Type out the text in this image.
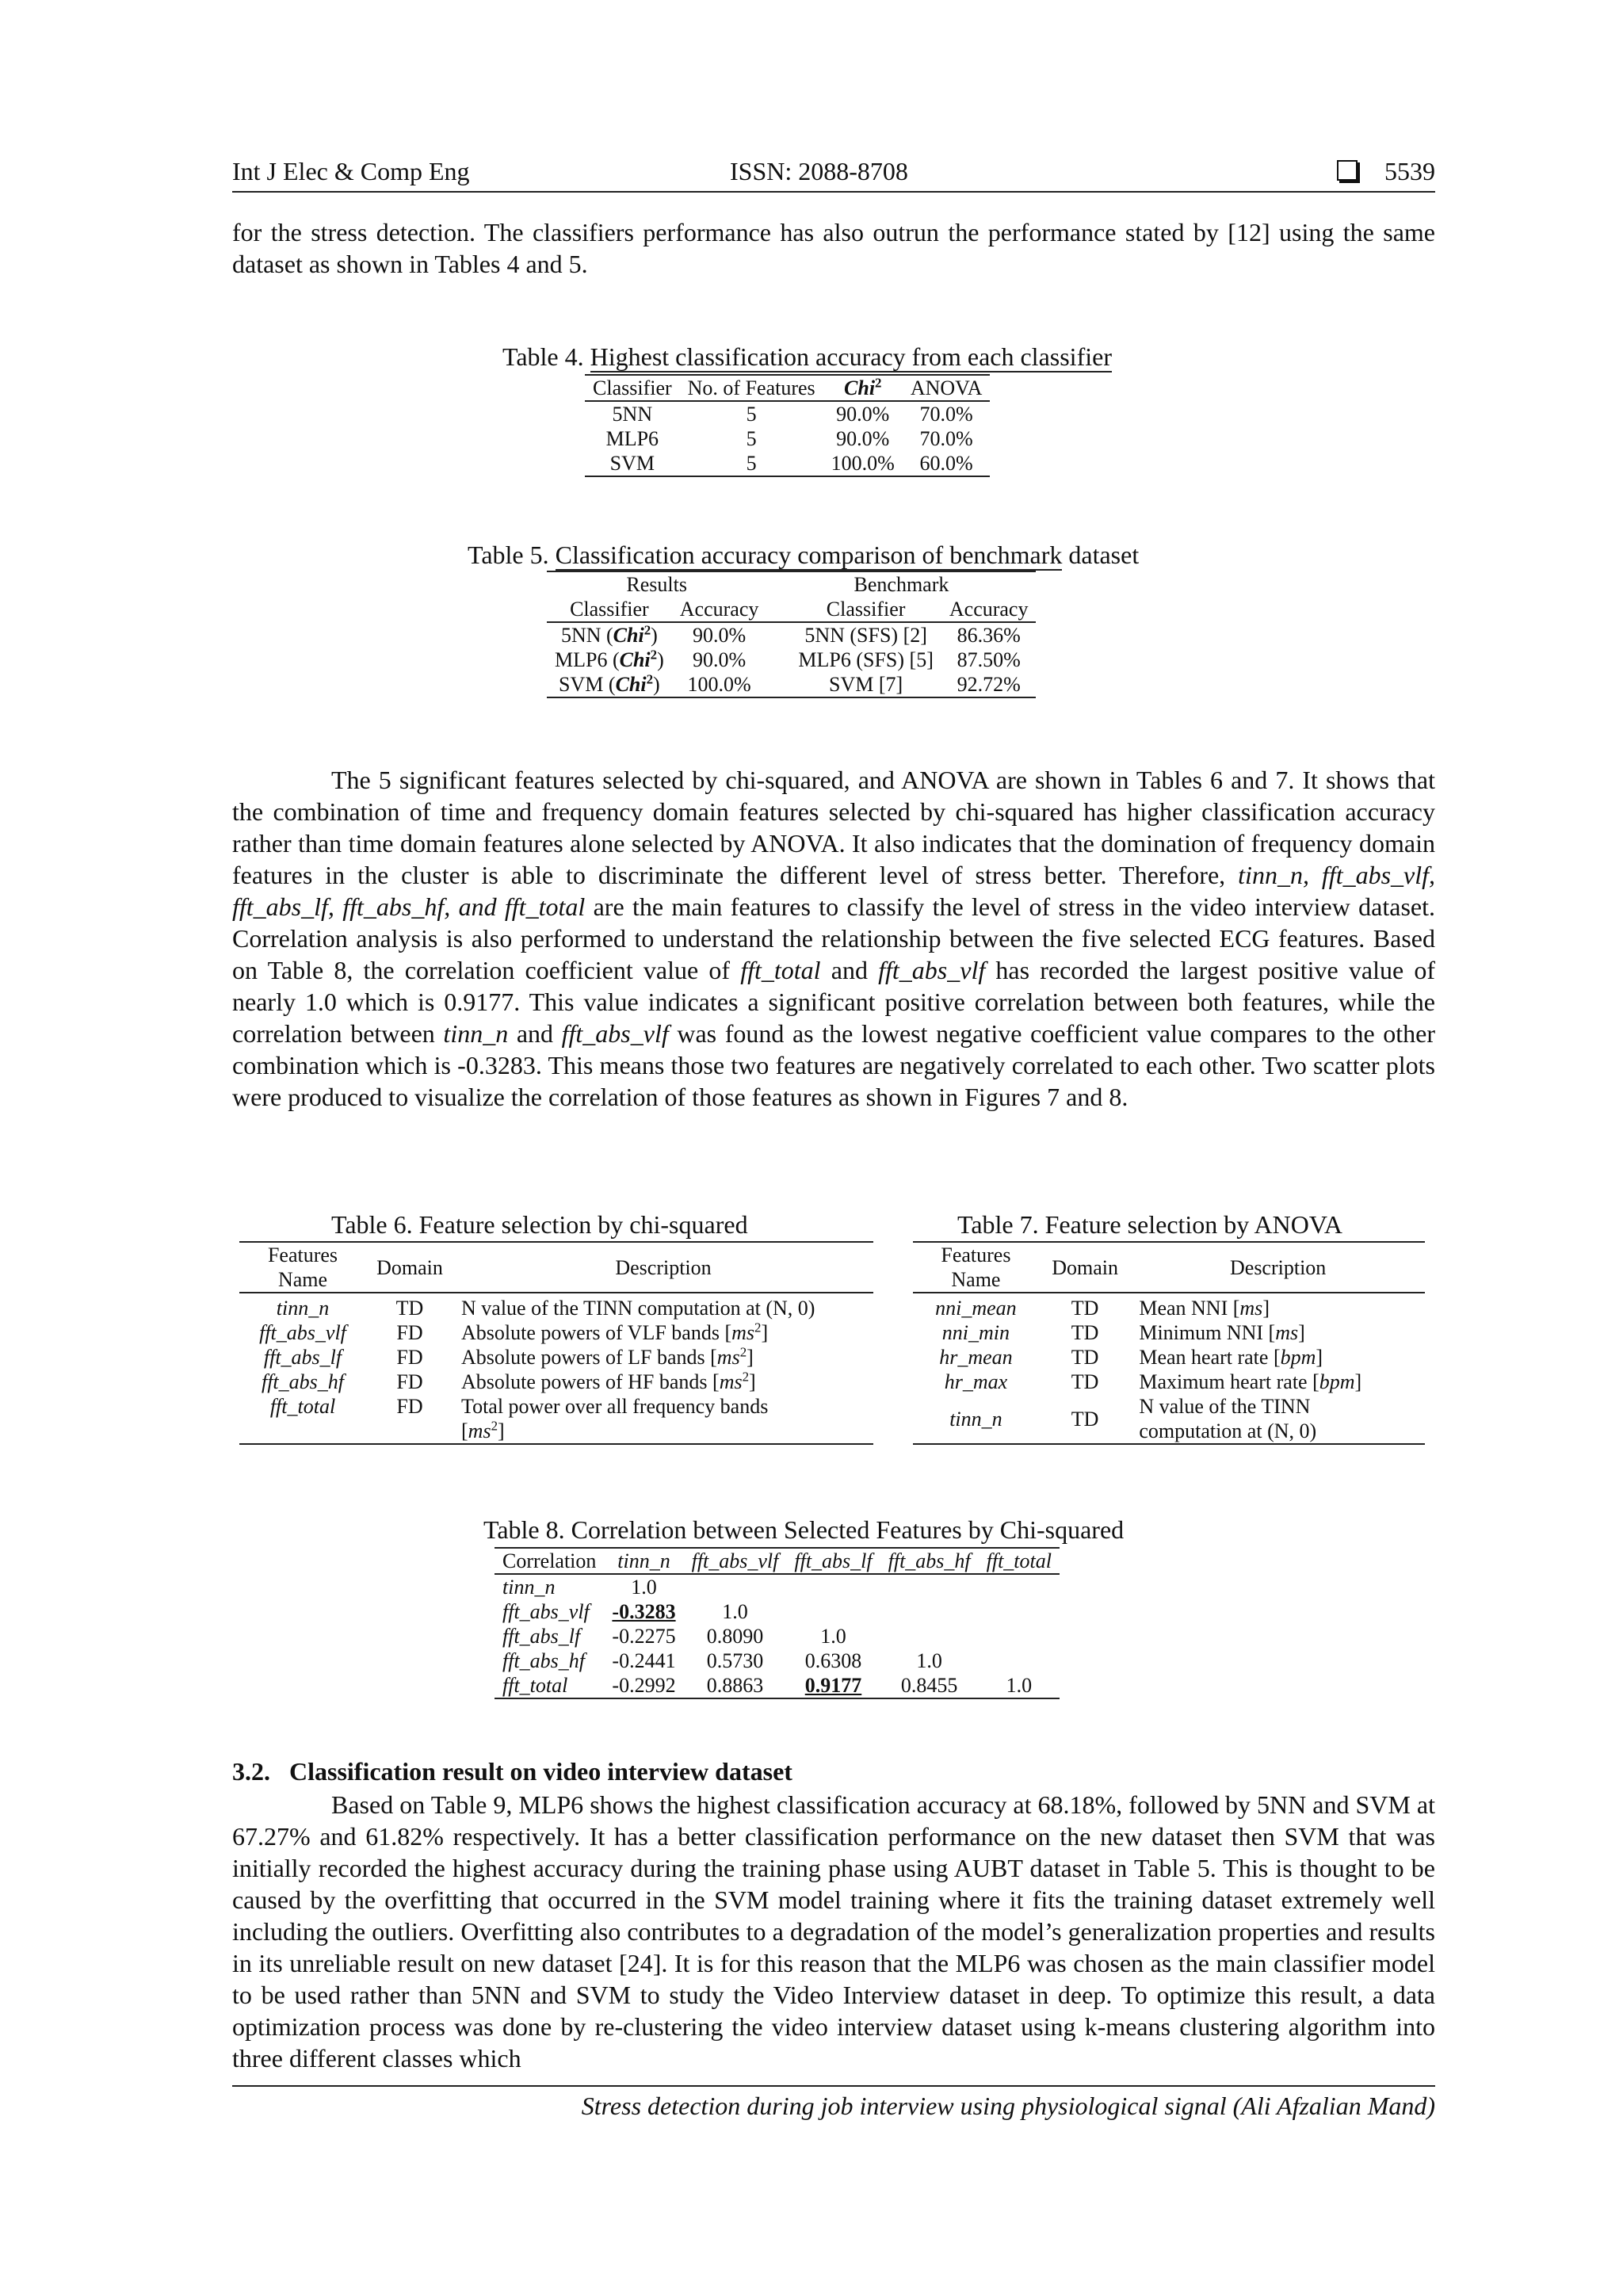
Int J Elec & Comp Eng	ISSN: 2088-8708	5539

for the stress detection. The classifiers performance has also outrun the performance stated by [12] using the same dataset as shown in Tables 4 and 5.

Table 4. Highest classification accuracy from each classifier
Classifier	No. of Features	Chi$^2$	ANOVA
5NN	5	90.0%	70.0%
MLP6	5	90.0%	70.0%
SVM	5	100.0%	60.0%
Table 5. Classification accuracy comparison of benchmark dataset
Results		Benchmark	
Classifier	Accuracy	Classifier	Accuracy
5NN (Chi$^2$)	90.0%	5NN (SFS) [2]	86.36%
MLP6 (Chi$^2$)	90.0%	MLP6 (SFS) [5]	87.50%
SVM (Chi$^2$)	100.0%	SVM [7]	92.72%

The 5 significant features selected by chi-squared, and ANOVA are shown in Tables 6 and 7. It shows that the combination of time and frequency domain features selected by chi-squared has higher classification accuracy rather than time domain features alone selected by ANOVA. It also indicates that the domination of frequency domain features in the cluster is able to discriminate the different level of stress better. Therefore, tinn_n, fft_abs_vlf, fft_abs_lf, fft_abs_hf, and fft_total are the main features to classify the level of stress in the video interview dataset. Correlation analysis is also performed to understand the relationship between the five selected ECG features. Based on Table 8, the correlation coefficient value of fft_total and fft_abs_vlf has recorded the largest positive value of nearly 1.0 which is 0.9177. This value indicates a significant positive correlation between both features, while the correlation between tinn_n and fft_abs_vlf was found as the lowest negative coefficient value compares to the other combination which is -0.3283. This means those two features are negatively correlated to each other. Two scatter plots were produced to visualize the correlation of those features as shown in Figures 7 and 8.

Table 6. Feature selection by chi-squared
Features Name	Domain	Description

tinn_n	TD	N value of the TINN computation at (N, 0)
fft_abs_vlf	FD	Absolute powers of VLF bands $[ms^2]$
fft_abs_lf	FD	Absolute powers of LF bands $[ms^2]$
fft_abs_hf	FD	Absolute powers of HF bands $[ms^2]$
fft_total	FD	Total power over all frequency bands
$[ms^2]$
Table 7. Feature selection by ANOVA
Features Name	Domain	Description

nni_mean	TD	Mean NNI [ms]
nni_min	TD	Minimum NNI [ms]
hr_mean	TD	Mean heart rate [bpm]
hr_max	TD	Maximum heart rate [bpm]
tinn_n	TD	N value of the TINN computation at (N, 0)
Table 8. Correlation between Selected Features by Chi-squared
Correlation	tinn_n	fft_abs_vlf	fft_abs_lf	fft_abs_hf	fft_total
tinn_n	1.0				
fft_abs_vlf	-0.3283	1.0			
fft_abs_lf	-0.2275	0.8090	1.0		
fft_abs_hf	-0.2441	0.5730	0.6308	1.0	
fft_total	-0.2992	0.8863	0.9177	0.8455	1.0
3.2. Classification result on video interview dataset

Based on Table 9, MLP6 shows the highest classification accuracy at 68.18%, followed by 5NN and SVM at 67.27% and 61.82% respectively. It has a better classification performance on the new dataset then SVM that was initially recorded the highest accuracy during the training phase using AUBT dataset in Table 5. This is thought to be caused by the overfitting that occurred in the SVM model training where it fits the training dataset extremely well including the outliers. Overfitting also contributes to a degradation of the model’s generalization properties and results in its unreliable result on new dataset [24]. It is for this reason that the MLP6 was chosen as the main classifier model to be used rather than 5NN and SVM to study the Video Interview dataset in deep. To optimize this result, a data optimization process was done by re-clustering the video interview dataset using k-means clustering algorithm into three different classes which

Stress detection during job interview using physiological signal (Ali Afzalian Mand)
